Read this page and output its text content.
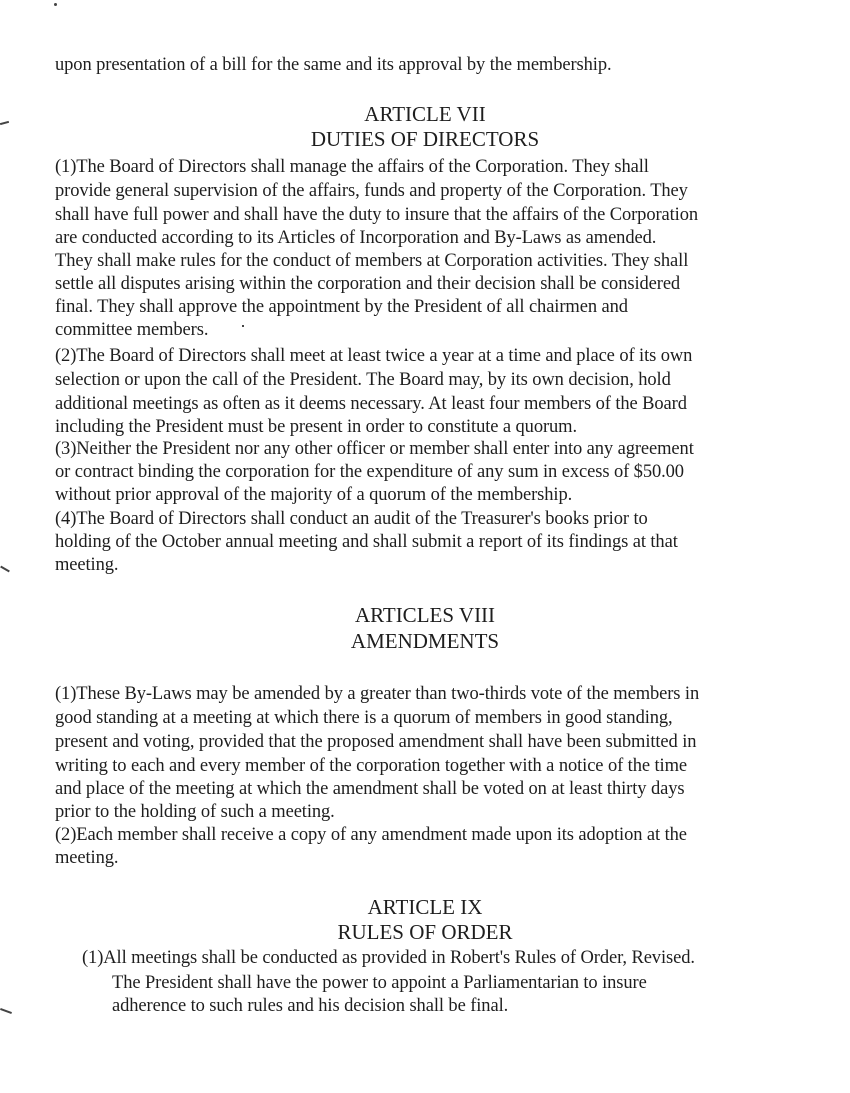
upon presentation of a bill for the same and its approval by the membership.
ARTICLE VII
DUTIES OF DIRECTORS
(1)The Board of Directors shall manage the affairs of the Corporation. They shall
provide general supervision of the affairs, funds and property of the Corporation. They
shall have full power and shall have the duty to insure that the affairs of the Corporation
are conducted according to its Articles of Incorporation and By-Laws as amended.
They shall make rules for the conduct of members at Corporation activities. They shall
settle all disputes arising within the corporation and their decision shall be considered
final. They shall approve the appointment by the President of all chairmen and
committee members.
(2)The Board of Directors shall meet at least twice a year at a time and place of its own
selection or upon the call of the President. The Board may, by its own decision, hold
additional meetings as often as it deems necessary. At least four members of the Board
including the President must be present in order to constitute a quorum.
(3)Neither the President nor any other officer or member shall enter into any agreement
or contract binding the corporation for the expenditure of any sum in excess of $50.00
without prior approval of the majority of a quorum of the membership.
(4)The Board of Directors shall conduct an audit of the Treasurer's books prior to
holding of the October annual meeting and shall submit a report of its findings at that
meeting.
ARTICLES VIII
AMENDMENTS
(1)These By-Laws may be amended by a greater than two-thirds vote of the members in
good standing at a meeting at which there is a quorum of members in good standing,
present and voting, provided that the proposed amendment shall have been submitted in
writing to each and every member of the corporation together with a notice of the time
and place of the meeting at which the amendment shall be voted on at least thirty days
prior to the holding of such a meeting.
(2)Each member shall receive a copy of any amendment made upon its adoption at the
meeting.
ARTICLE IX
RULES OF ORDER
(1)All meetings shall be conducted as provided in Robert's Rules of Order, Revised.
The President shall have the power to appoint a Parliamentarian to insure
adherence to such rules and his decision shall be final.
